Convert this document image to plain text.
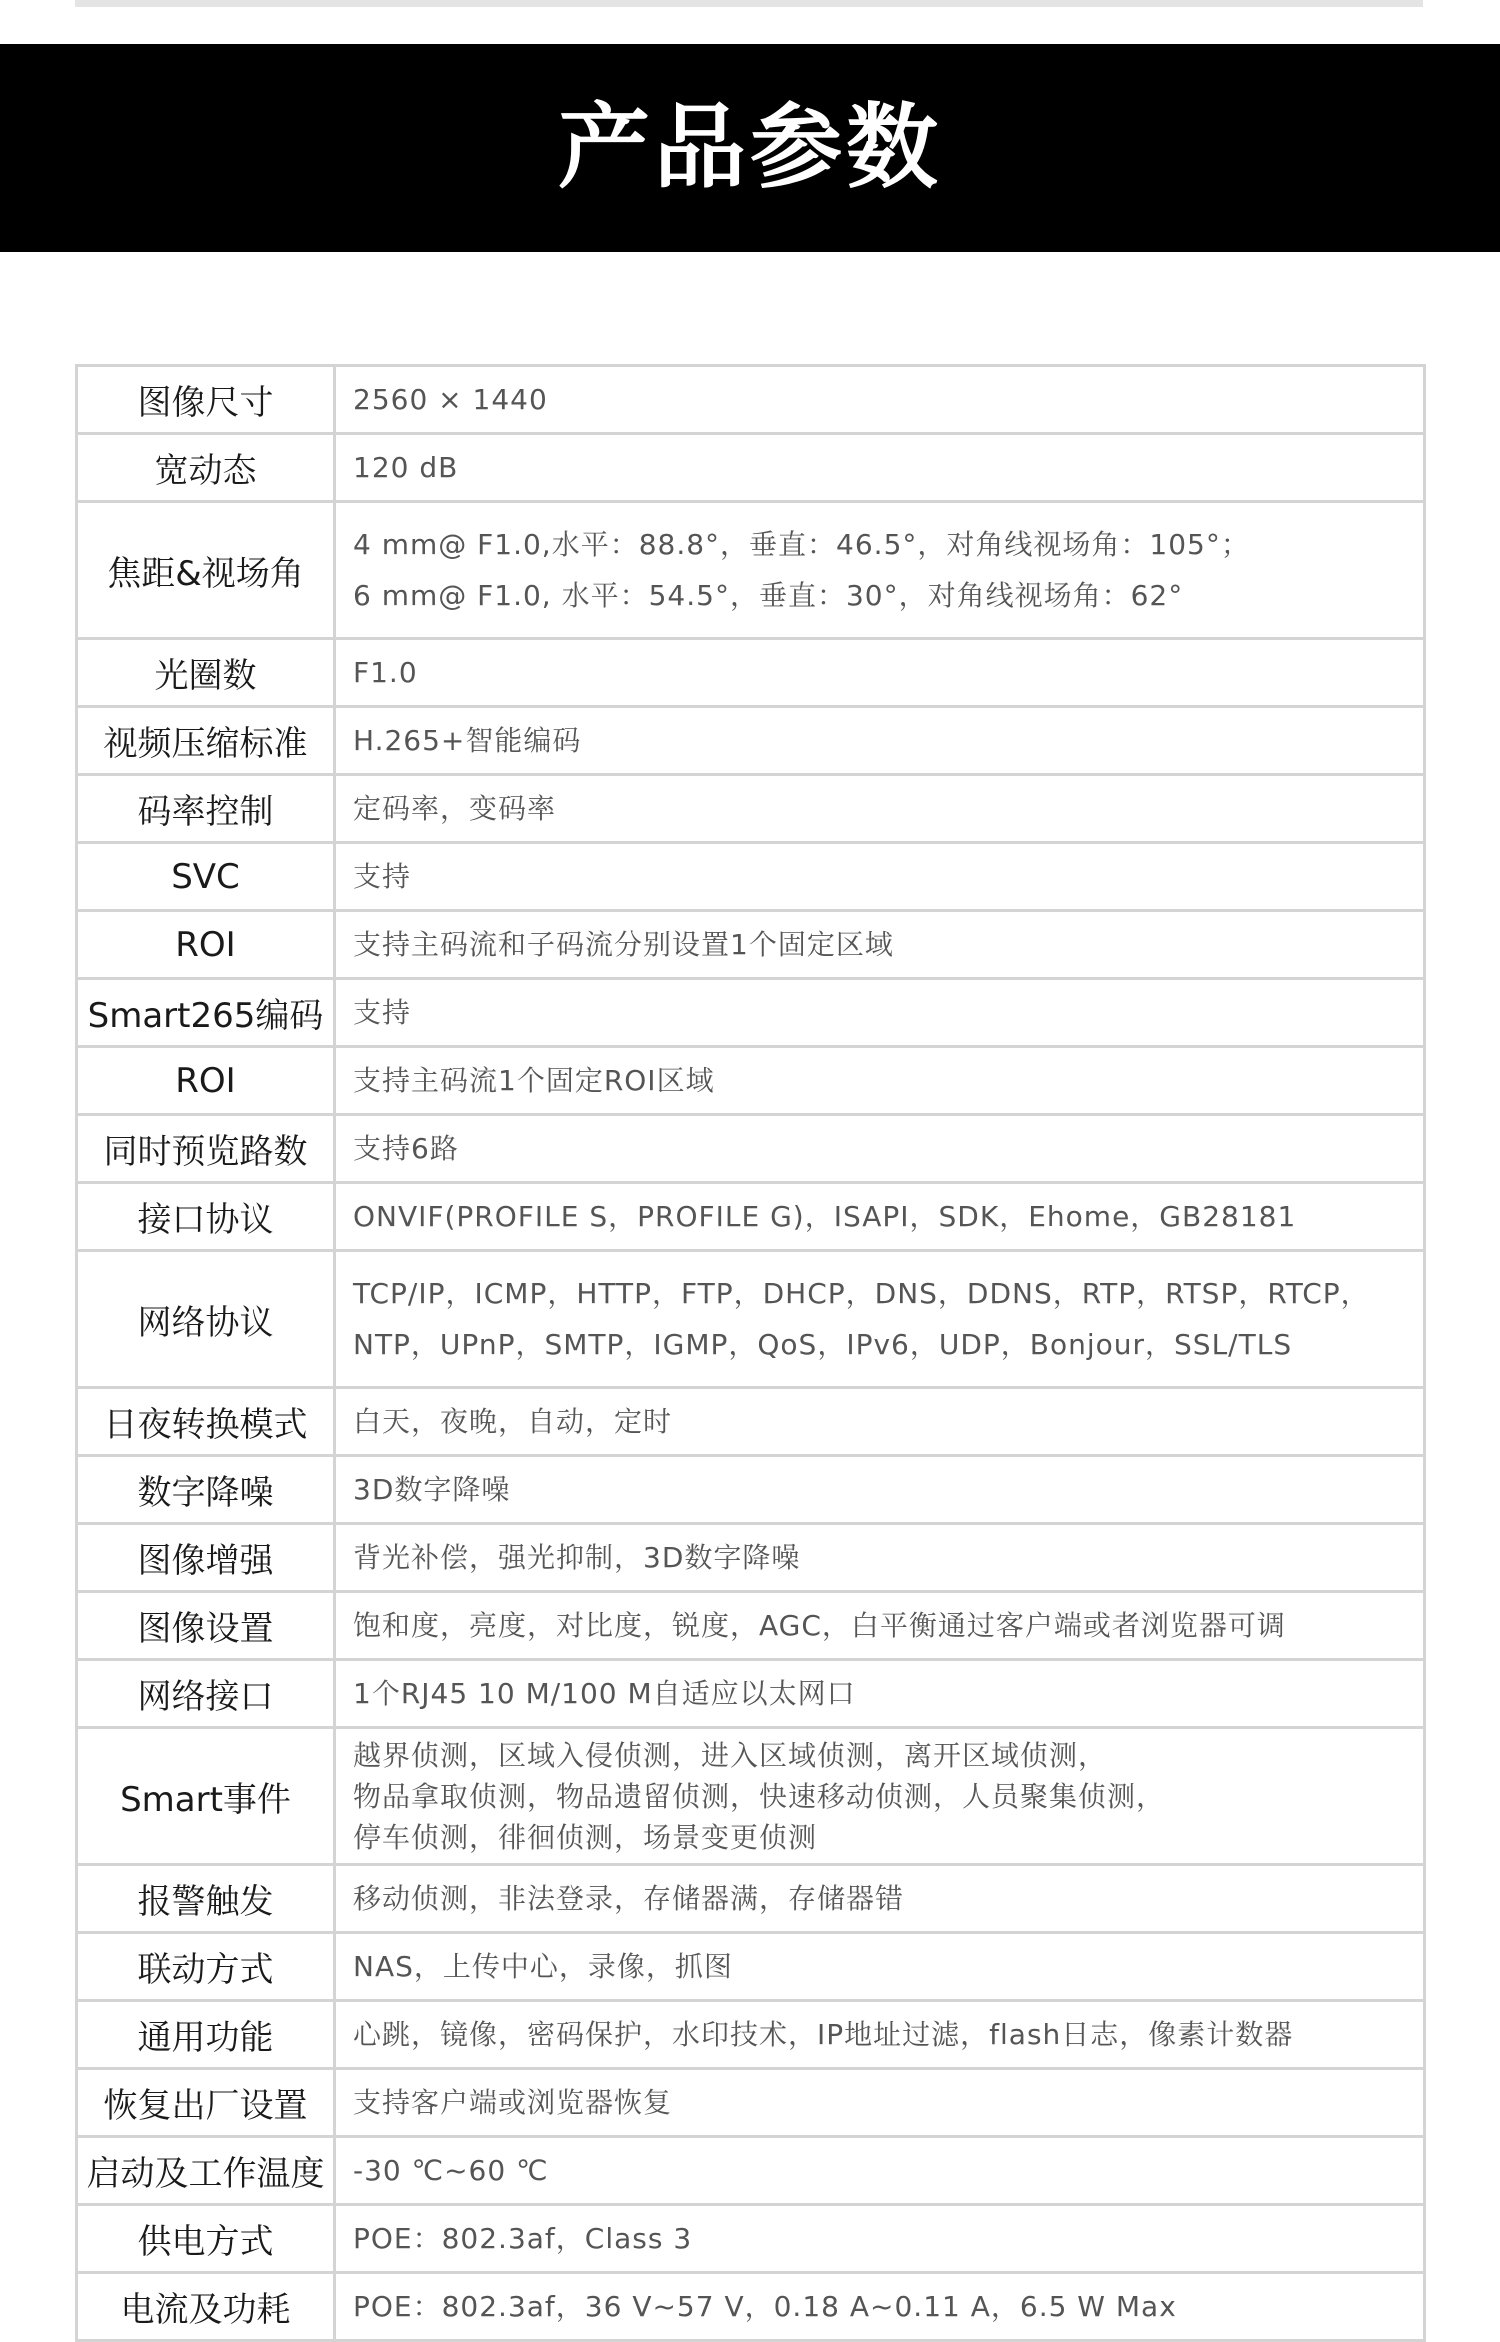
产品参数
图像尺寸	2560 × 1440

宽动态	120 dB

焦距&视场角	4 mm@ F1.0,水平：88.8°，垂直：46.5°，对角线视场角：105°；
6 mm@ F1.0, 水平：54.5°，垂直：30°，对角线视场角：62°

光圈数	F1.0

视频压缩标准	H.265+智能编码

码率控制	定码率，变码率

SVC	支持

ROI	支持主码流和子码流分别设置1个固定区域

Smart265编码	支持

ROI	支持主码流1个固定ROI区域

同时预览路数	支持6路

接口协议	ONVIF(PROFILE S，PROFILE G)，ISAPI，SDK，Ehome，GB28181

网络协议	TCP/IP，ICMP，HTTP，FTP，DHCP，DNS，DDNS，RTP，RTSP，RTCP，
NTP，UPnP，SMTP，IGMP，QoS，IPv6，UDP，Bonjour，SSL/TLS

日夜转换模式	白天，夜晚，自动，定时

数字降噪	3D数字降噪

图像增强	背光补偿，强光抑制，3D数字降噪

图像设置	饱和度，亮度，对比度，锐度，AGC，白平衡通过客户端或者浏览器可调

网络接口	1个RJ45 10 M/100 M自适应以太网口

Smart事件	越界侦测，区域入侵侦测，进入区域侦测，离开区域侦测，
物品拿取侦测，物品遗留侦测，快速移动侦测，人员聚集侦测，
停车侦测，徘徊侦测，场景变更侦测

报警触发	移动侦测，非法登录，存储器满，存储器错

联动方式	NAS，上传中心，录像，抓图

通用功能	心跳，镜像，密码保护，水印技术，IP地址过滤，flash日志，像素计数器

恢复出厂设置	支持客户端或浏览器恢复

启动及工作温度	-30 ℃~60 ℃

供电方式	POE：802.3af，Class 3

电流及功耗	POE：802.3af，36 V~57 V，0.18 A~0.11 A，6.5 W Max
